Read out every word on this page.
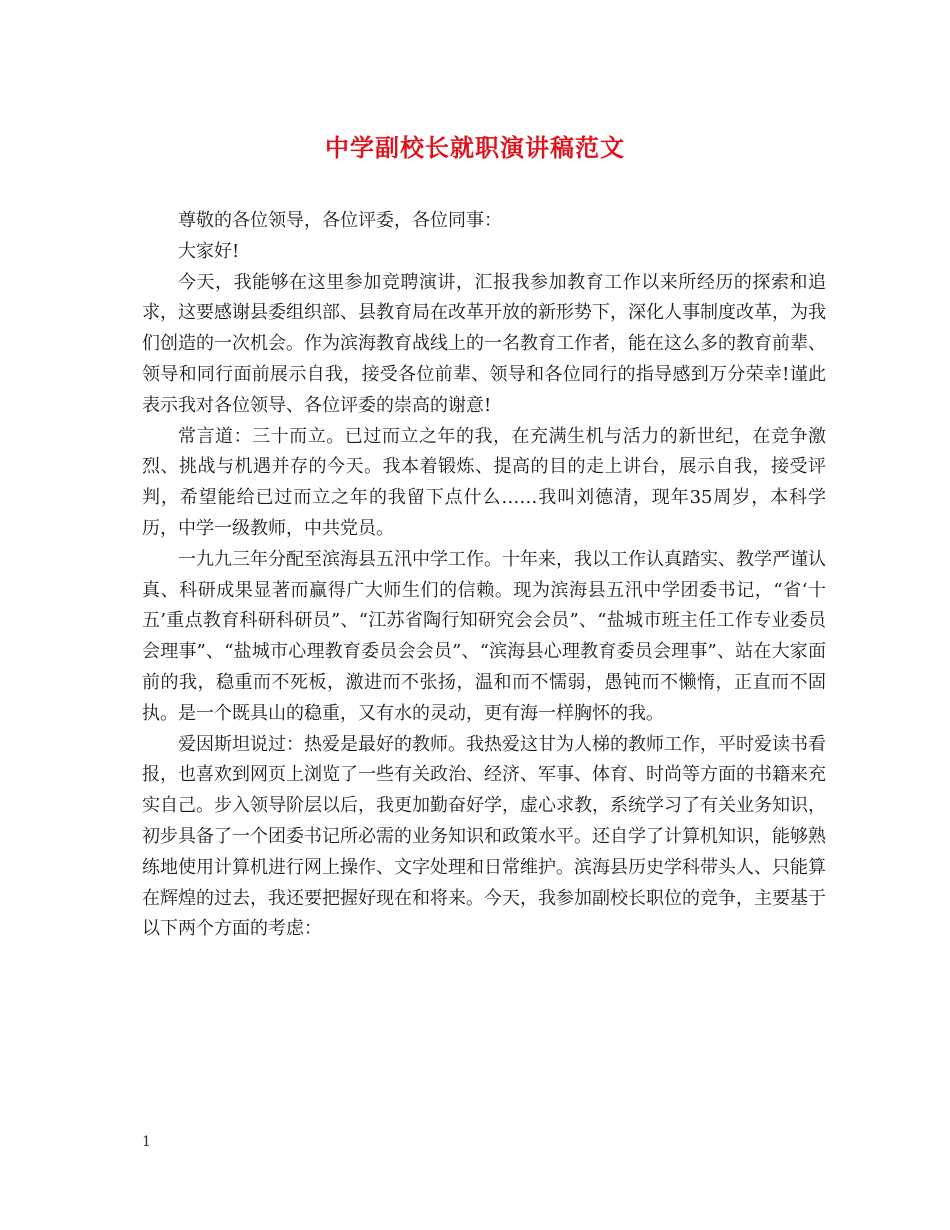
中学副校长就职演讲稿范文

尊敬的各位领导，各位评委，各位同事：

大家好!

今天，我能够在这里参加竞聘演讲，汇报我参加教育工作以来所经历的探索和追求，这要感谢县委组织部、县教育局在改革开放的新形势下，深化人事制度改革，为我们创造的一次机会。作为滨海教育战线上的一名教育工作者，能在这么多的教育前辈、领导和同行面前展示自我，接受各位前辈、领导和各位同行的指导感到万分荣幸!谨此表示我对各位领导、各位评委的崇高的谢意!

常言道：三十而立。已过而立之年的我，在充满生机与活力的新世纪，在竞争激烈、挑战与机遇并存的今天。我本着锻炼、提高的目的走上讲台，展示自我，接受评判，希望能给已过而立之年的我留下点什么……我叫刘德清，现年35周岁，本科学历，中学一级教师，中共党员。

一九九三年分配至滨海县五汛中学工作。十年来，我以工作认真踏实、教学严谨认真、科研成果显著而赢得广大师生们的信赖。现为滨海县五汛中学团委书记，“省‘十五’重点教育科研科研员”、“江苏省陶行知研究会会员”、“盐城市班主任工作专业委员会理事”、“盐城市心理教育委员会会员”、“滨海县心理教育委员会理事”、站在大家面前的我，稳重而不死板，激进而不张扬，温和而不懦弱，愚钝而不懒惰，正直而不固执。是一个既具山的稳重，又有水的灵动，更有海一样胸怀的我。

爱因斯坦说过：热爱是最好的教师。我热爱这甘为人梯的教师工作，平时爱读书看报，也喜欢到网页上浏览了一些有关政治、经济、军事、体育、时尚等方面的书籍来充实自己。步入领导阶层以后，我更加勤奋好学，虚心求教，系统学习了有关业务知识，初步具备了一个团委书记所必需的业务知识和政策水平。还自学了计算机知识，能够熟练地使用计算机进行网上操作、文字处理和日常维护。滨海县历史学科带头人、只能算在辉煌的过去，我还要把握好现在和将来。今天，我参加副校长职位的竞争，主要基于以下两个方面的考虑：

1
